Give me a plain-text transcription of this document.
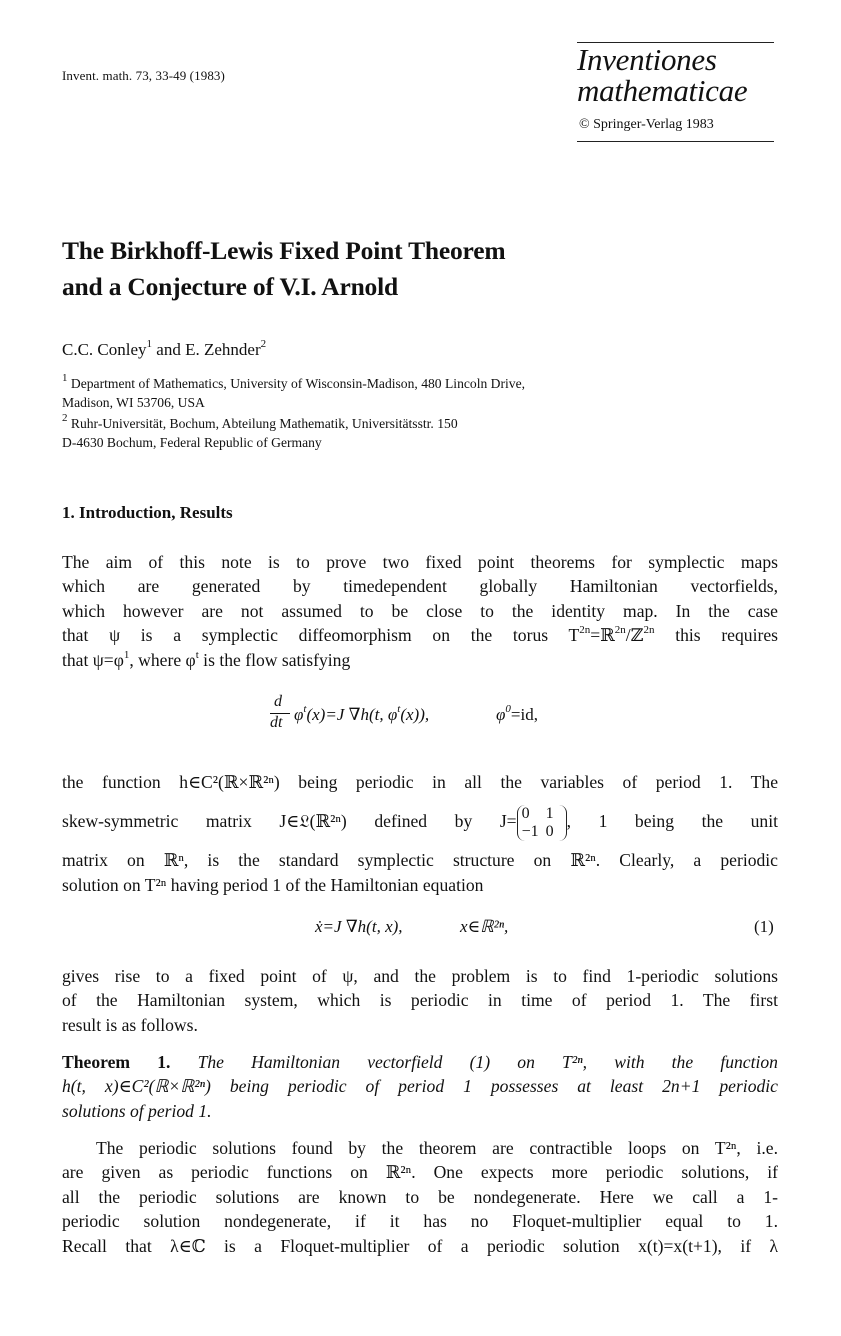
Invent. math. 73, 33-49 (1983)	Inventiones
mathematicae
© Springer-Verlag 1983
The Birkhoff-Lewis Fixed Point Theorem
and a Conjecture of V.I. Arnold
C.C. Conley$^1$ and E. Zehnder$^2$
$^1$ Department of Mathematics, University of Wisconsin-Madison, 480 Lincoln Drive,
Madison, WI 53706, USA
$^2$ Ruhr-Universität, Bochum, Abteilung Mathematik, Universitätsstr. 150
D-4630 Bochum, Federal Republic of Germany
1. Introduction, Results
The aim of this note is to prove two fixed point theorems for symplectic maps
which are generated by timedependent globally Hamiltonian vectorfields,
which however are not assumed to be close to the identity map. In the case
that ψ is a symplectic diffeomorphism on the torus $T^{2n}=ℝ^{2n}/ℤ^{2n}$ this requires
that $\psi=\varphi^1$, where $\varphi^t$ is the flow satisfying
d
dt $\varphi^t(x)=J$ ∇h(t, $\varphi^t(x)$),	$\varphi^0=id$,
the function h∈C²(ℝ×ℝ²ⁿ) being periodic in all the variables of period 1. The
skew-symmetric matrix J∈𝔏(ℝ²ⁿ) defined by J= 0 1
−1 0, 1 being the unit
matrix on ℝⁿ, is the standard symplectic structure on ℝ²ⁿ. Clearly, a periodic
solution on T²ⁿ having period 1 of the Hamiltonian equation
ẋ=J ∇h(t, x),	x∈ℝ²ⁿ,	(1)
gives rise to a fixed point of ψ, and the problem is to find 1-periodic solutions
of the Hamiltonian system, which is periodic in time of period 1. The first
result is as follows.
Theorem 1. The Hamiltonian vectorfield (1) on T²ⁿ, with the function
h(t, x)∈C²(ℝ×ℝ²ⁿ) being periodic of period 1 possesses at least 2n+1 periodic
solutions of period 1.
The periodic solutions found by the theorem are contractible loops on T²ⁿ, i.e.
are given as periodic functions on ℝ²ⁿ. One expects more periodic solutions, if
all the periodic solutions are known to be nondegenerate. Here we call a 1-
periodic solution nondegenerate, if it has no Floquet-multiplier equal to 1.
Recall that λ∈ℂ is a Floquet-multiplier of a periodic solution x(t)=x(t+1), if λ
